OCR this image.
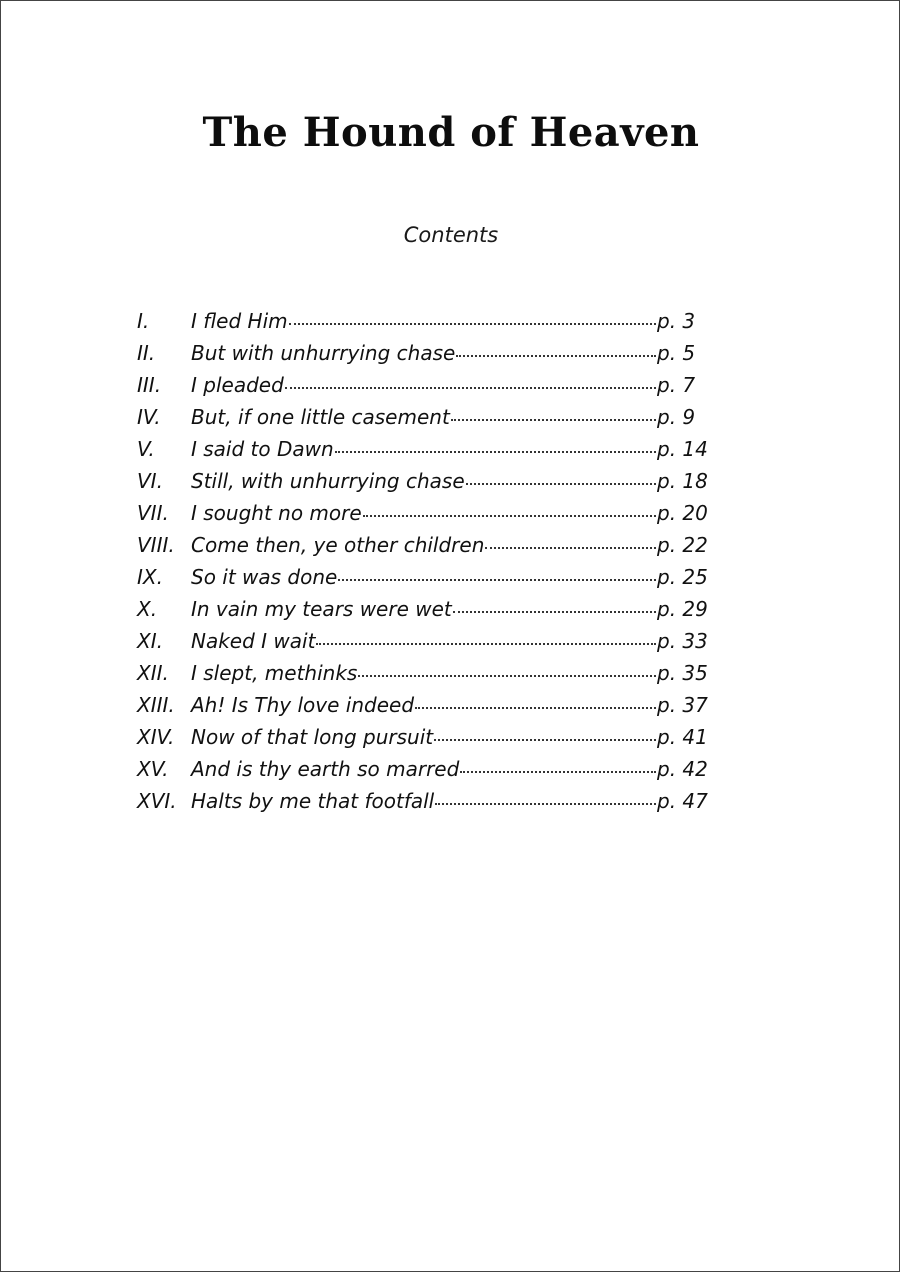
The Hound of Heaven
Contents
I.	I fled Him	p. 3
II.	But with unhurrying chase	p. 5
III.	I pleaded	p. 7
IV.	But, if one little casement	p. 9
V.	I said to Dawn	p. 14
VI.	Still, with unhurrying chase	p. 18
VII.	I sought no more	p. 20
VIII. Come then, ye other children	p. 22
IX.	So it was done	p. 25
X.	In vain my tears were wet	p. 29
XI.	Naked I wait	p. 33
XII.	I slept, methinks	p. 35
XIII. Ah! Is Thy love indeed	p. 37
XIV. Now of that long pursuit	p. 41
XV.	And is thy earth so marred	p. 42
XVI. Halts by me that footfall	p. 47
